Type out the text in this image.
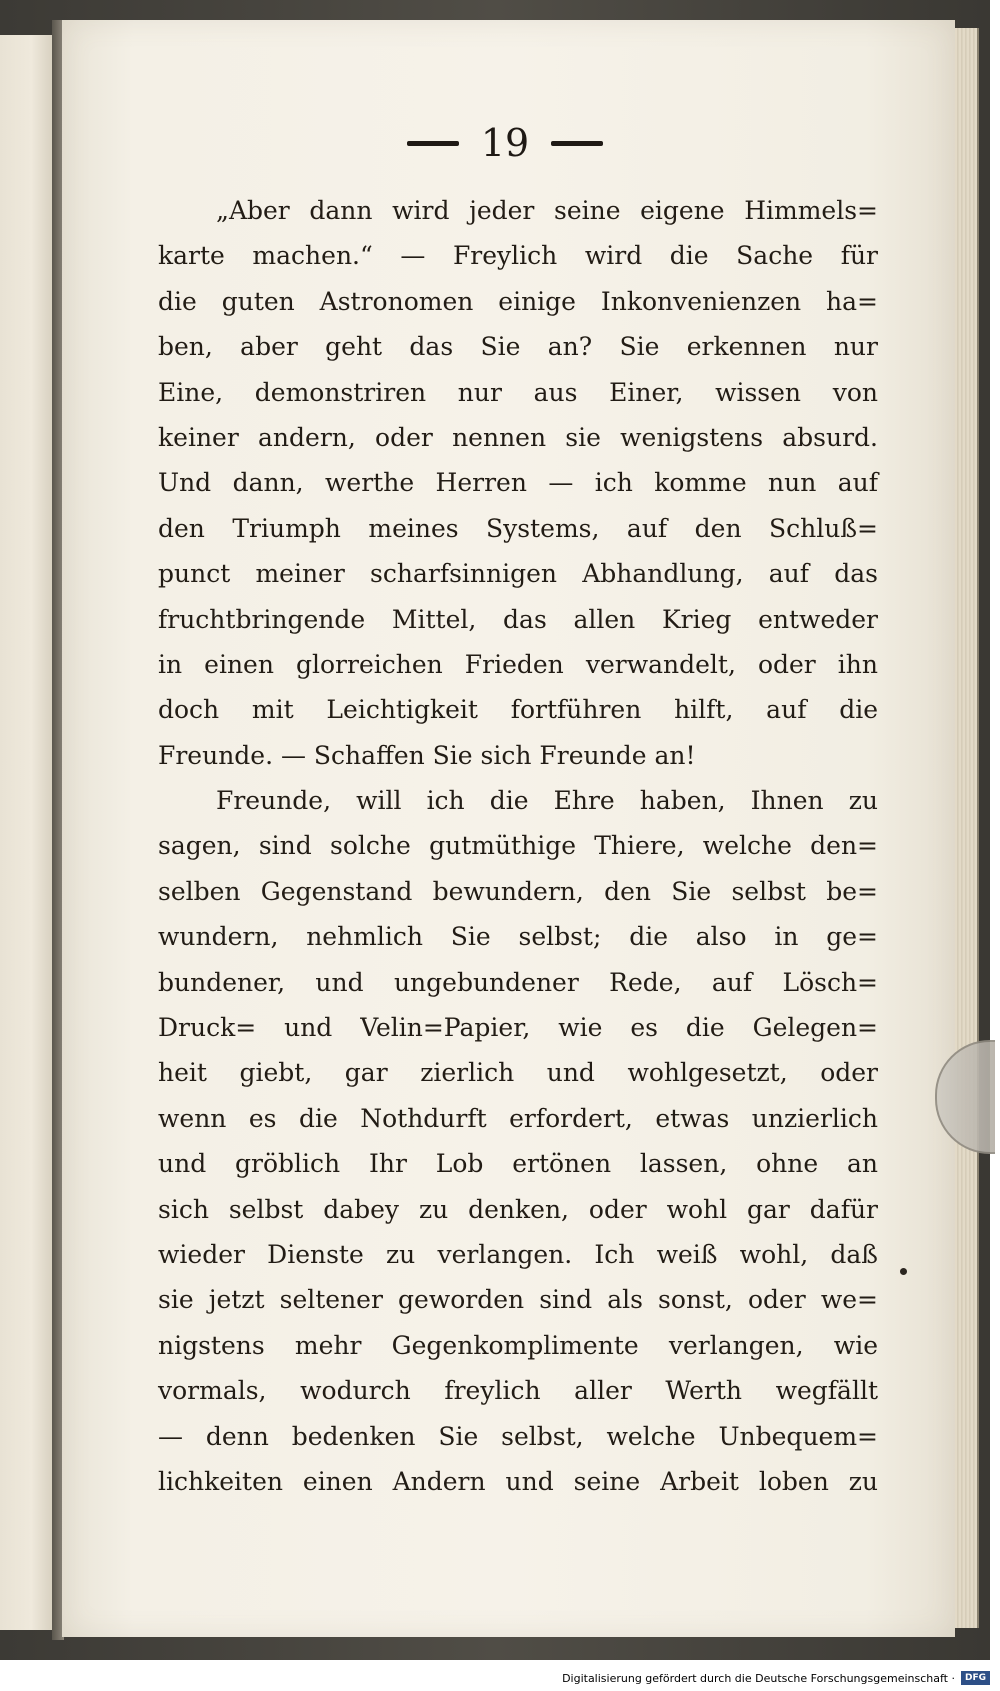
19
„Aber dann wird jeder seine eigene Himmels=
karte machen.“ — Freylich wird die Sache für
die guten Astronomen einige Inkonvenienzen ha=
ben, aber geht das Sie an? Sie erkennen nur
Eine, demonstriren nur aus Einer, wissen von
keiner andern, oder nennen sie wenigstens absurd.
Und dann, werthe Herren — ich komme nun auf
den Triumph meines Systems, auf den Schluß=
punct meiner scharfsinnigen Abhandlung, auf das
fruchtbringende Mittel, das allen Krieg entweder
in einen glorreichen Frieden verwandelt, oder ihn
doch mit Leichtigkeit fortführen hilft, auf die
Freunde. — Schaffen Sie sich Freunde an!
Freunde, will ich die Ehre haben, Ihnen zu
sagen, sind solche gutmüthige Thiere, welche den=
selben Gegenstand bewundern, den Sie selbst be=
wundern, nehmlich Sie selbst; die also in ge=
bundener, und ungebundener Rede, auf Lösch=
Druck= und Velin=Papier, wie es die Gelegen=
heit giebt, gar zierlich und wohlgesetzt, oder
wenn es die Nothdurft erfordert, etwas unzierlich
und gröblich Ihr Lob ertönen lassen, ohne an
sich selbst dabey zu denken, oder wohl gar dafür
wieder Dienste zu verlangen. Ich weiß wohl, daß
sie jetzt seltener geworden sind als sonst, oder we=
nigstens mehr Gegenkomplimente verlangen, wie
vormals, wodurch freylich aller Werth wegfällt
— denn bedenken Sie selbst, welche Unbequem=
lichkeiten einen Andern und seine Arbeit loben zu
Digitalisierung gefördert durch die Deutsche Forschungsgemeinschaft ·	DFG
